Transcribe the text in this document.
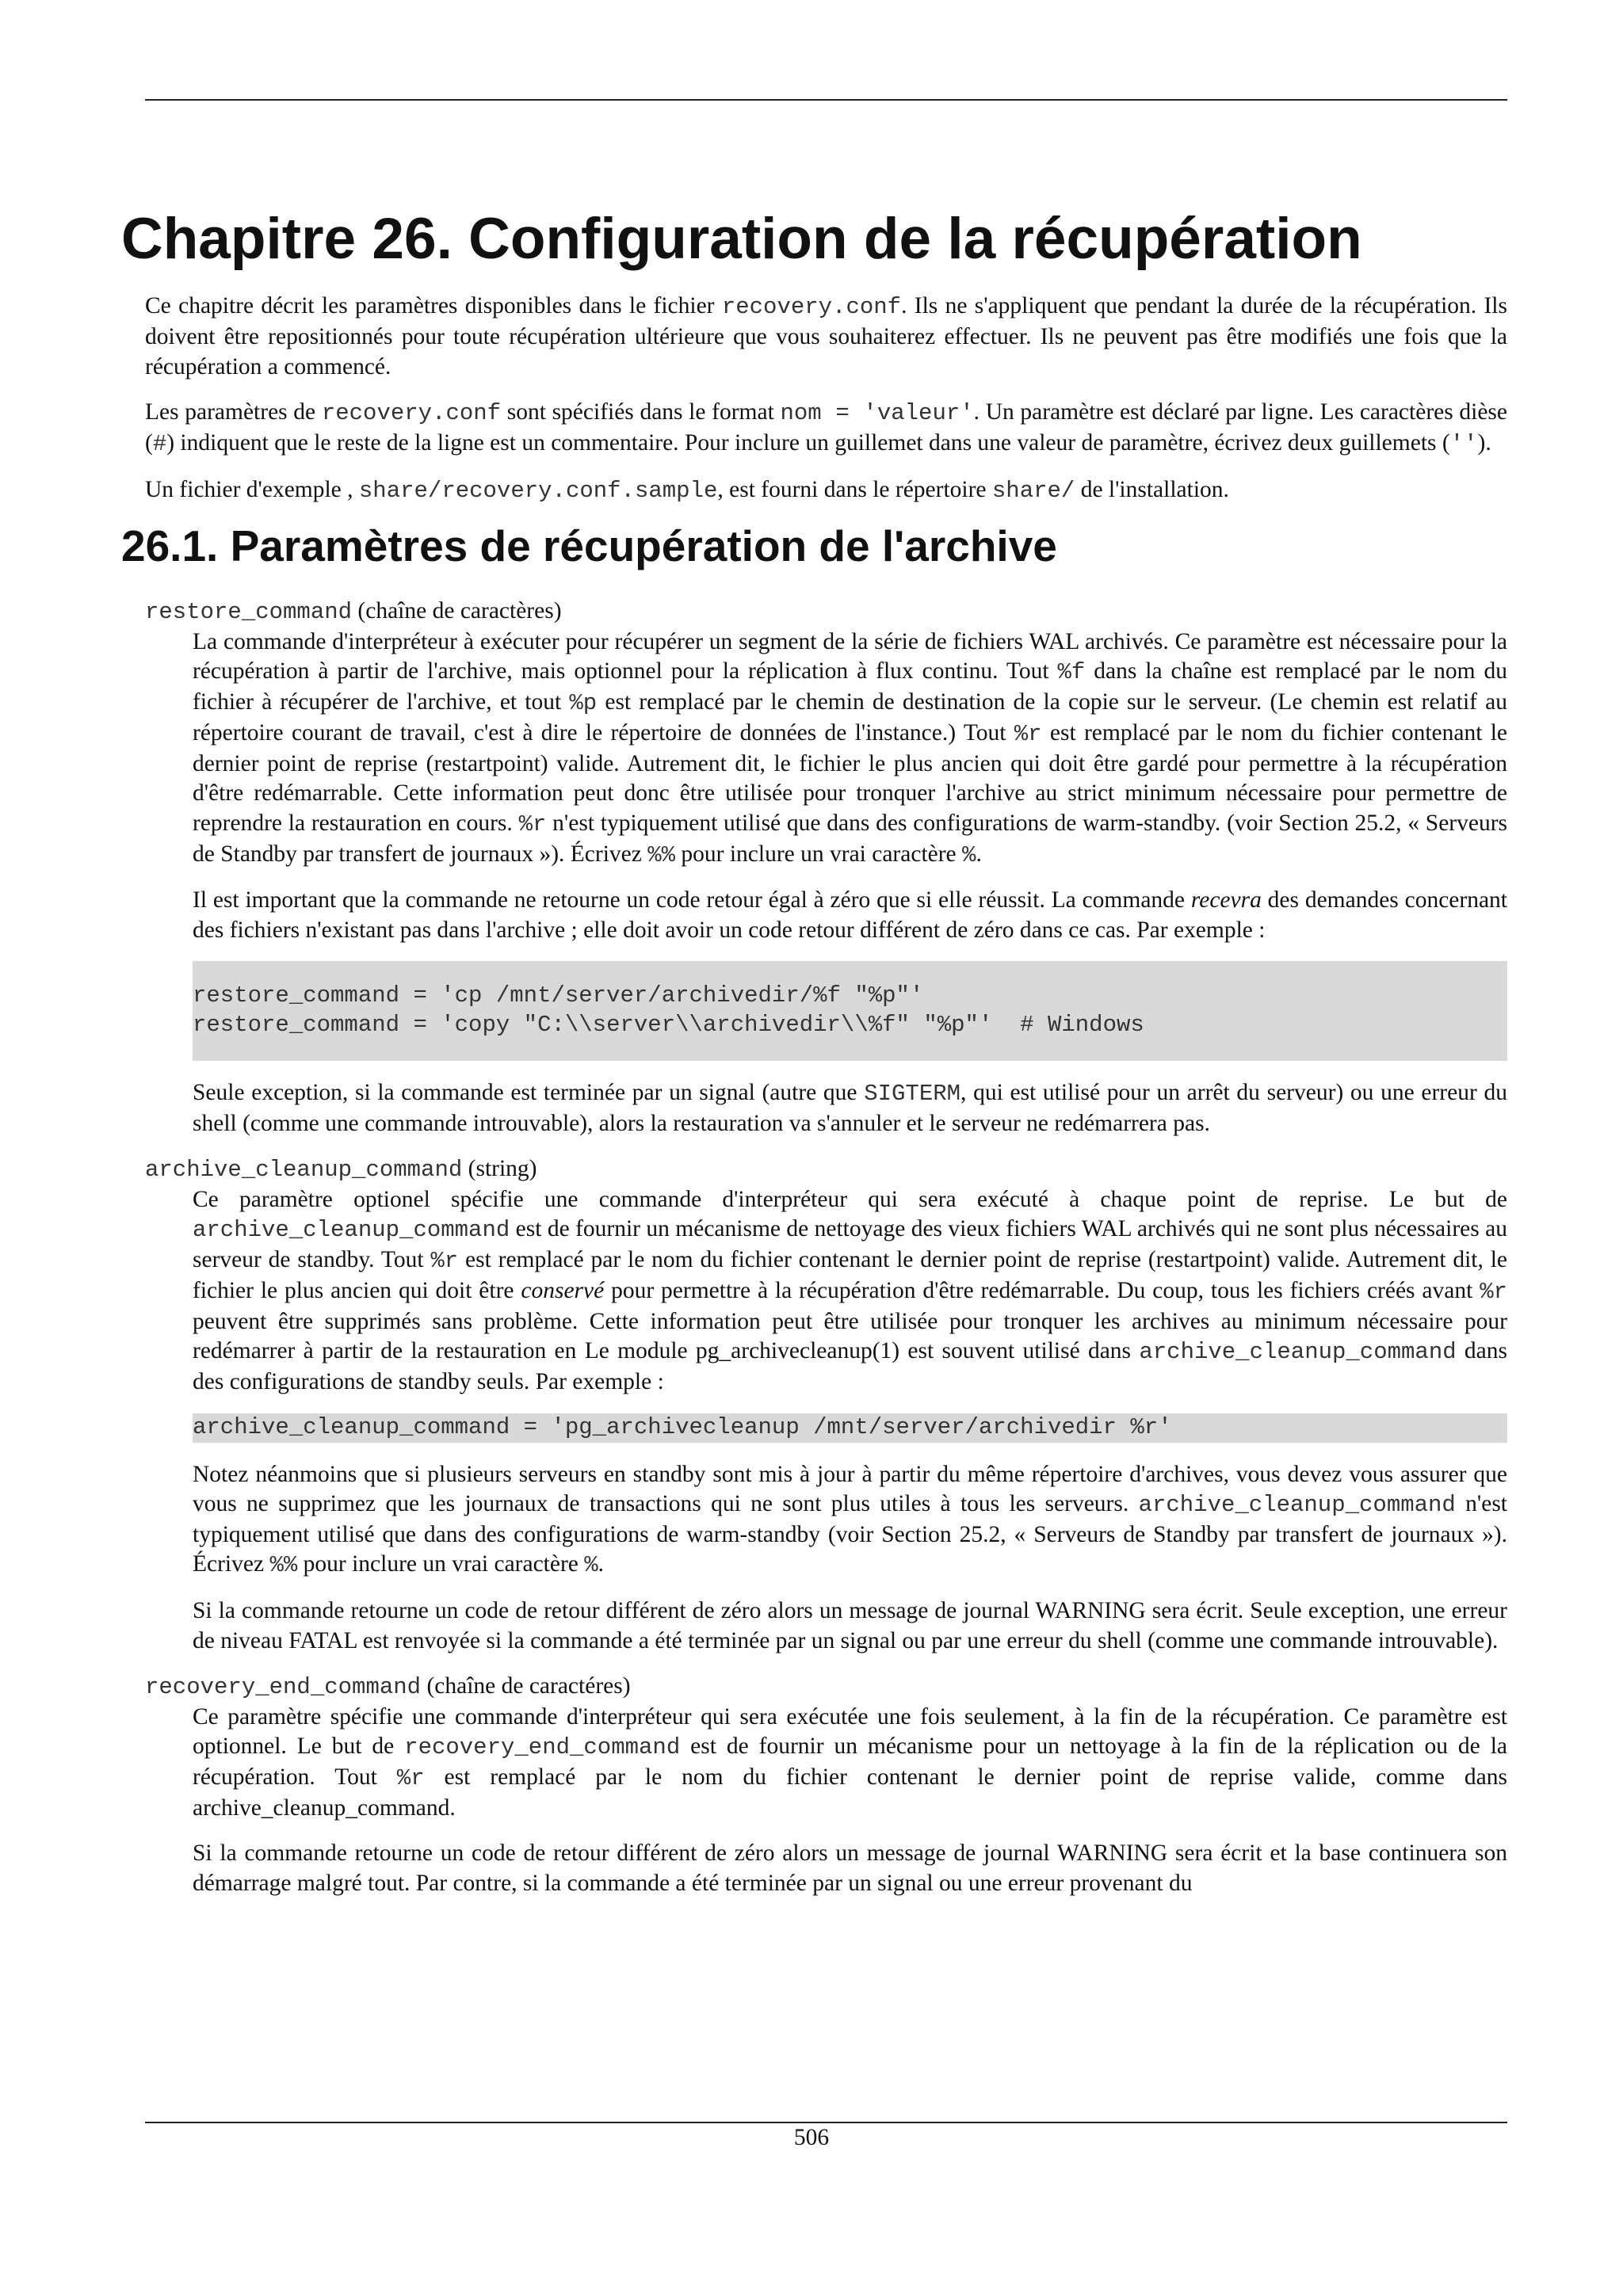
Chapitre 26. Configuration de la récupération

Ce chapitre décrit les paramètres disponibles dans le fichier recovery.conf. Ils ne s'appliquent que pendant la durée de la récupération. Ils doivent être repositionnés pour toute récupération ultérieure que vous souhaiterez effectuer. Ils ne peuvent pas être modifiés une fois que la récupération a commencé.

Les paramètres de recovery.conf sont spécifiés dans le format nom = 'valeur'. Un paramètre est déclaré par ligne. Les caractères dièse (#) indiquent que le reste de la ligne est un commentaire. Pour inclure un guillemet dans une valeur de paramètre, écrivez deux guillemets ('').

Un fichier d'exemple , share/recovery.conf.sample, est fourni dans le répertoire share/ de l'installation.

26.1. Paramètres de récupération de l'archive
restore_command (chaîne de caractères)

La commande d'interpréteur à exécuter pour récupérer un segment de la série de fichiers WAL archivés. Ce paramètre est nécessaire pour la récupération à partir de l'archive, mais optionnel pour la réplication à flux continu. Tout %f dans la chaîne est remplacé par le nom du fichier à récupérer de l'archive, et tout %p est remplacé par le chemin de destination de la copie sur le serveur. (Le chemin est relatif au répertoire courant de travail, c'est à dire le répertoire de données de l'instance.) Tout %r est remplacé par le nom du fichier contenant le dernier point de reprise (restartpoint) valide. Autrement dit, le fichier le plus ancien qui doit être gardé pour permettre à la récupération d'être redémarrable. Cette information peut donc être utilisée pour tronquer l'archive au strict minimum nécessaire pour permettre de reprendre la restauration en cours. %r n'est typiquement utilisé que dans des configurations de warm-standby. (voir Section 25.2, « Serveurs de Standby par transfert de journaux »). Écrivez %% pour inclure un vrai caractère %.

Il est important que la commande ne retourne un code retour égal à zéro que si elle réussit. La commande recevra des demandes concernant des fichiers n'existant pas dans l'archive ; elle doit avoir un code retour différent de zéro dans ce cas. Par exemple :

restore_command = 'cp /mnt/server/archivedir/%f "%p"'
restore_command = 'copy "C:\\server\\archivedir\\%f" "%p"'  # Windows

Seule exception, si la commande est terminée par un signal (autre que SIGTERM, qui est utilisé pour un arrêt du serveur) ou une erreur du shell (comme une commande introuvable), alors la restauration va s'annuler et le serveur ne redémarrera pas.

archive_cleanup_command (string)

Ce paramètre optionel spécifie une commande d'interpréteur qui sera exécuté à chaque point de reprise. Le but de archive_cleanup_command est de fournir un mécanisme de nettoyage des vieux fichiers WAL archivés qui ne sont plus nécessaires au serveur de standby. Tout %r est remplacé par le nom du fichier contenant le dernier point de reprise (restartpoint) valide. Autrement dit, le fichier le plus ancien qui doit être conservé pour permettre à la récupération d'être redémarrable. Du coup, tous les fichiers créés avant %r peuvent être supprimés sans problème. Cette information peut être utilisée pour tronquer les archives au minimum nécessaire pour redémarrer à partir de la restauration en Le module pg_archivecleanup(1) est souvent utilisé dans archive_cleanup_command dans des configurations de standby seuls. Par exemple :

archive_cleanup_command = 'pg_archivecleanup /mnt/server/archivedir %r'

Notez néanmoins que si plusieurs serveurs en standby sont mis à jour à partir du même répertoire d'archives, vous devez vous assurer que vous ne supprimez que les journaux de transactions qui ne sont plus utiles à tous les serveurs. archive_cleanup_command n'est typiquement utilisé que dans des configurations de warm-standby (voir Section 25.2, « Serveurs de Standby par transfert de journaux »). Écrivez %% pour inclure un vrai caractère %.

Si la commande retourne un code de retour différent de zéro alors un message de journal WARNING sera écrit. Seule exception, une erreur de niveau FATAL est renvoyée si la commande a été terminée par un signal ou par une erreur du shell (comme une commande introuvable).

recovery_end_command (chaîne de caractéres)

Ce paramètre spécifie une commande d'interpréteur qui sera exécutée une fois seulement, à la fin de la récupération. Ce paramètre est optionnel. Le but de recovery_end_command est de fournir un mécanisme pour un nettoyage à la fin de la réplication ou de la récupération. Tout %r est remplacé par le nom du fichier contenant le dernier point de reprise valide, comme dans archive_cleanup_command.

Si la commande retourne un code de retour différent de zéro alors un message de journal WARNING sera écrit et la base continuera son démarrage malgré tout. Par contre, si la commande a été terminée par un signal ou une erreur provenant du

506
